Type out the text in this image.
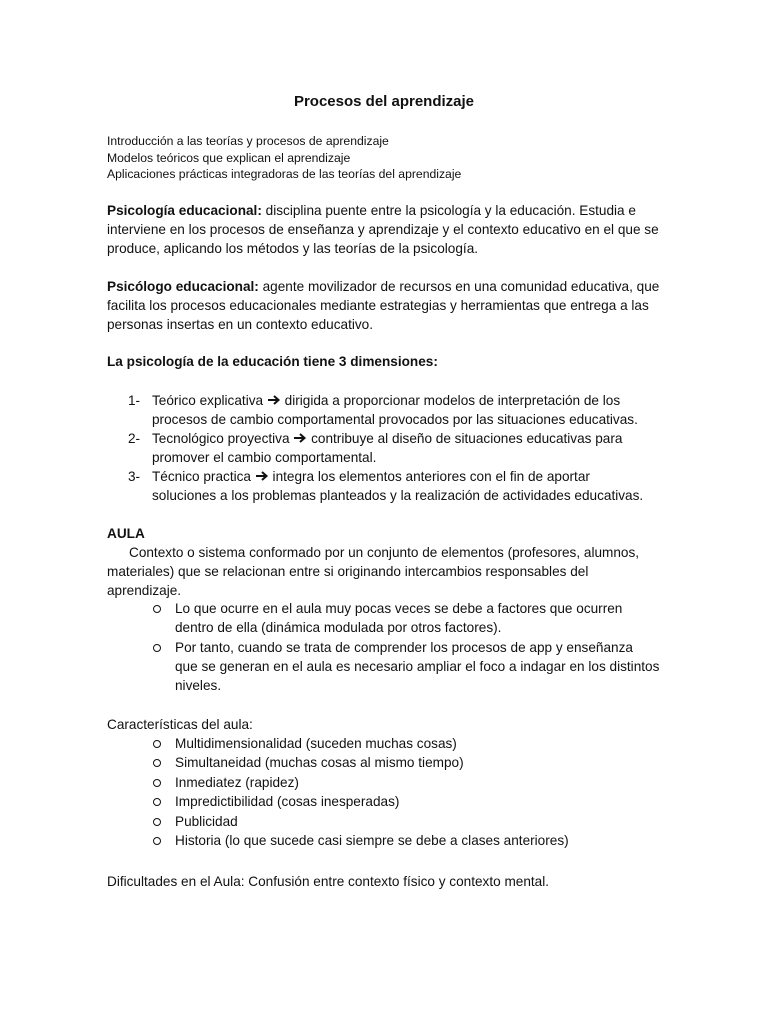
Procesos del aprendizaje
Introducción a las teorías y procesos de aprendizaje
Modelos teóricos que explican el aprendizaje
Aplicaciones prácticas integradoras de las teorías del aprendizaje
Psicología educacional: disciplina puente entre la psicología y la educación. Estudia e
interviene en los procesos de enseñanza y aprendizaje y el contexto educativo en el que se
produce, aplicando los métodos y las teorías de la psicología.
Psicólogo educacional: agente movilizador de recursos en una comunidad educativa, que
facilita los procesos educacionales mediante estrategias y herramientas que entrega a las
personas insertas en un contexto educativo.
La psicología de la educación tiene 3 dimensiones:
1- Teórico explicativa dirigida a proporcionar modelos de interpretación de los
procesos de cambio comportamental provocados por las situaciones educativas.
2- Tecnológico proyectiva contribuye al diseño de situaciones educativas para
promover el cambio comportamental.
3- Técnico practica integra los elementos anteriores con el fin de aportar
soluciones a los problemas planteados y la realización de actividades educativas.
AULA
Contexto o sistema conformado por un conjunto de elementos (profesores, alumnos,
materiales) que se relacionan entre si originando intercambios responsables del
aprendizaje.
Lo que ocurre en el aula muy pocas veces se debe a factores que ocurren
dentro de ella (dinámica modulada por otros factores).
Por tanto, cuando se trata de comprender los procesos de app y enseñanza
que se generan en el aula es necesario ampliar el foco a indagar en los distintos
niveles.
Características del aula:
Multidimensionalidad (suceden muchas cosas)
Simultaneidad (muchas cosas al mismo tiempo)
Inmediatez (rapidez)
Impredictibilidad (cosas inesperadas)
Publicidad
Historia (lo que sucede casi siempre se debe a clases anteriores)
Dificultades en el Aula: Confusión entre contexto físico y contexto mental.
